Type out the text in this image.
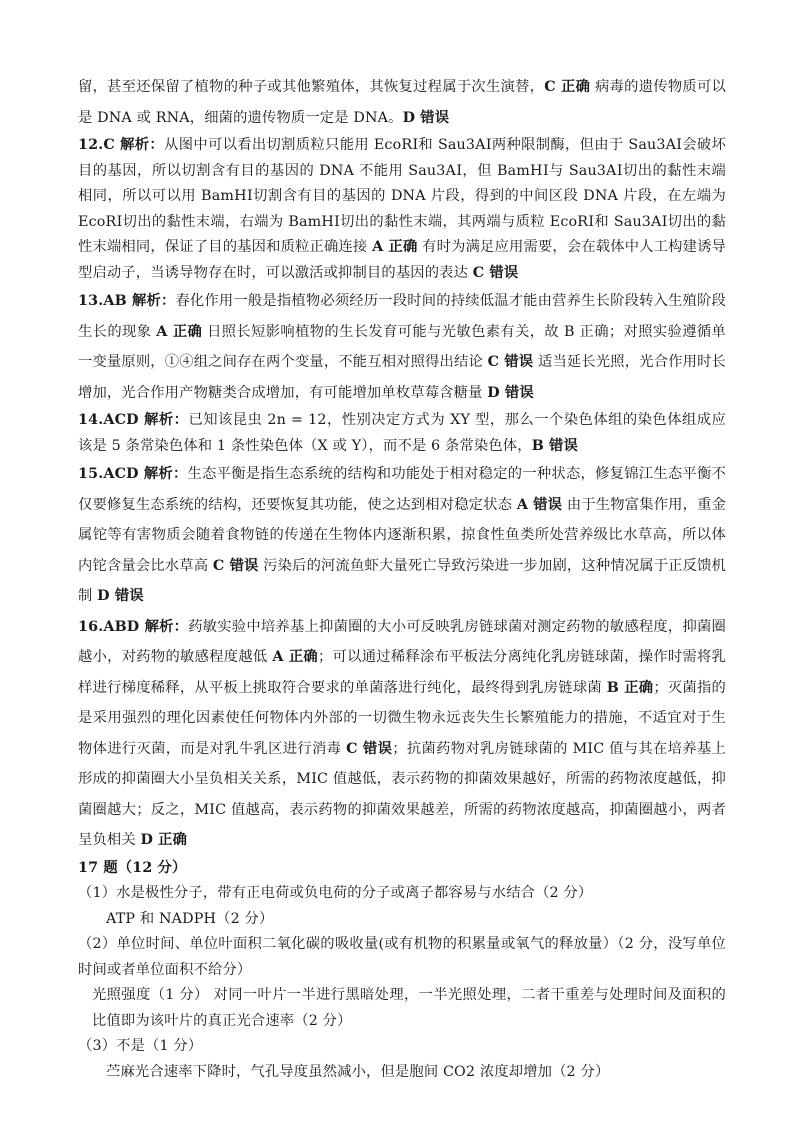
留，甚至还保留了植物的种子或其他繁殖体，其恢复过程属于次生演替，C 正确 病毒的遗传物质可以是 DNA 或 RNA，细菌的遗传物质一定是 DNA。D 错误

12.C 解析：从图中可以看出切割质粒只能用 EcoRⅠ和 Sau3AⅠ两种限制酶，但由于 Sau3AⅠ会破坏目的基因，所以切割含有目的基因的 DNA 不能用 Sau3AⅠ，但 BamHⅠ与 Sau3AⅠ切出的黏性末端相同，所以可以用 BamHⅠ切割含有目的基因的 DNA 片段，得到的中间区段 DNA 片段，在左端为 EcoRⅠ切出的黏性末端，右端为 BamHⅠ切出的黏性末端，其两端与质粒 EcoRⅠ和 Sau3AⅠ切出的黏性末端相同，保证了目的基因和质粒正确连接 A 正确 有时为满足应用需要，会在载体中人工构建诱导型启动子，当诱导物存在时，可以激活或抑制目的基因的表达 C 错误

13.AB 解析：春化作用一般是指植物必须经历一段时间的持续低温才能由营养生长阶段转入生殖阶段生长的现象 A 正确 日照长短影响植物的生长发育可能与光敏色素有关，故 B 正确；对照实验遵循单一变量原则，①④组之间存在两个变量，不能互相对照得出结论 C 错误 适当延长光照，光合作用时长增加，光合作用产物糖类合成增加，有可能增加单枚草莓含糖量 D 错误

14.ACD 解析：已知该昆虫 2n = 12，性别决定方式为 XY 型，那么一个染色体组的染色体组成应该是 5 条常染色体和 1 条性染色体（X 或 Y），而不是 6 条常染色体，B 错误

15.ACD 解析：生态平衡是指生态系统的结构和功能处于相对稳定的一种状态，修复锦江生态平衡不仅要修复生态系统的结构，还要恢复其功能，使之达到相对稳定状态 A 错误 由于生物富集作用，重金属铊等有害物质会随着食物链的传递在生物体内逐渐积累，掠食性鱼类所处营养级比水草高，所以体内铊含量会比水草高 C 错误 污染后的河流鱼虾大量死亡导致污染进一步加剧，这种情况属于正反馈机制 D 错误

16.ABD 解析：药敏实验中培养基上抑菌圈的大小可反映乳房链球菌对测定药物的敏感程度，抑菌圈越小，对药物的敏感程度越低 A 正确；可以通过稀释涂布平板法分离纯化乳房链球菌，操作时需将乳样进行梯度稀释，从平板上挑取符合要求的单菌落进行纯化，最终得到乳房链球菌 B 正确；灭菌指的是采用强烈的理化因素使任何物体内外部的一切微生物永远丧失生长繁殖能力的措施，不适宜对于生物体进行灭菌，而是对乳牛乳区进行消毒 C 错误；抗菌药物对乳房链球菌的 MIC 值与其在培养基上形成的抑菌圈大小呈负相关关系，MIC 值越低，表示药物的抑菌效果越好，所需的药物浓度越低，抑菌圈越大；反之，MIC 值越高，表示药物的抑菌效果越差，所需的药物浓度越高，抑菌圈越小，两者呈负相关 D 正确

17 题（12 分）

（1）水是极性分子，带有正电荷或负电荷的分子或离子都容易与水结合（2 分）

ATP 和 NADPH（2 分）

（2）单位时间、单位叶面积二氧化碳的吸收量(或有机物的积累量或氧气的释放量）（2 分，没写单位时间或者单位面积不给分）

光照强度（1 分） 对同一叶片一半进行黑暗处理，一半光照处理，二者干重差与处理时间及面积的比值即为该叶片的真正光合速率（2 分）

（3）不是（1 分）

苎麻光合速率下降时，气孔导度虽然减小，但是胞间 CO2 浓度却增加（2 分）
